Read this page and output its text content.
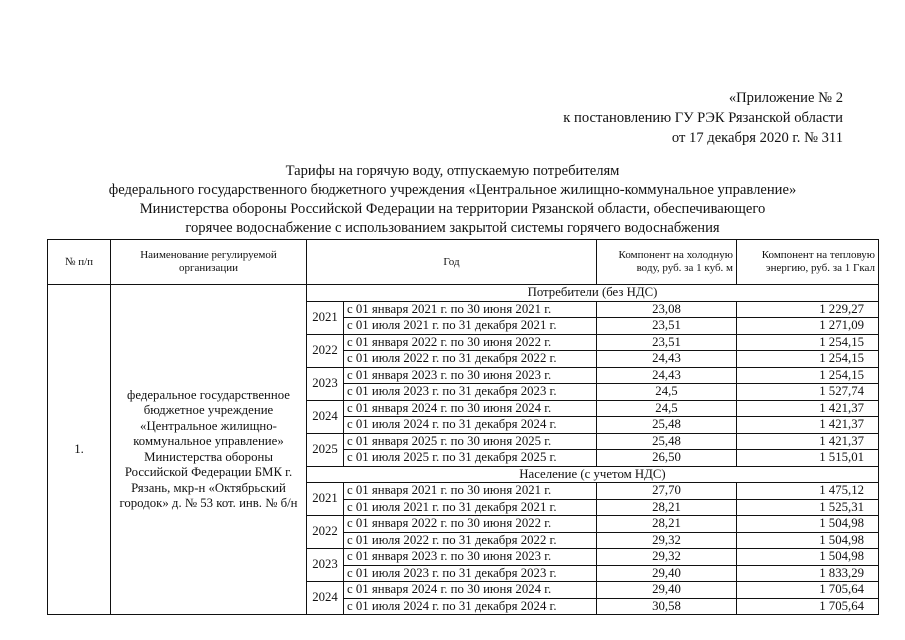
«Приложение № 2
к постановлению ГУ РЭК Рязанской области
от 17 декабря 2020 г. № 311
Тарифы на горячую воду, отпускаемую потребителям
федерального государственного бюджетного учреждения «Центральное жилищно-коммунальное управление»
Министерства обороны Российской Федерации на территории Рязанской области, обеспечивающего
горячее водоснабжение с использованием закрытой системы горячего водоснабжения
№ п/п	Наименование регулируемой организации	Год		Компонент на холодную воду, руб. за 1 куб. м	Компонент на тепловую энергию, руб. за 1 Гкал
1.	федеральное государственное бюджетное учреждение «Центральное жилищно-коммунальное управление» Министерства обороны Российской Федерации БМК г. Рязань, мкр-н «Октябрьский городок» д. № 53 кот. инв. № б/н	Потребители (без НДС)			
		2021	с 01 января 2021 г. по 30 июня 2021 г.	23,08	1 229,27
			с 01 июля 2021 г. по 31 декабря 2021 г.	23,51	1 271,09
		2022	с 01 января 2022 г. по 30 июня 2022 г.	23,51	1 254,15
			с 01 июля 2022 г. по 31 декабря 2022 г.	24,43	1 254,15
		2023	с 01 января 2023 г. по 30 июня 2023 г.	24,43	1 254,15
			с 01 июля 2023 г. по 31 декабря 2023 г.	24,5	1 527,74
		2024	с 01 января 2024 г. по 30 июня 2024 г.	24,5	1 421,37
			с 01 июля 2024 г. по 31 декабря 2024 г.	25,48	1 421,37
		2025	с 01 января 2025 г. по 30 июня 2025 г.	25,48	1 421,37
			с 01 июля 2025 г. по 31 декабря 2025 г.	26,50	1 515,01
		Население (с учетом НДС)			
		2021	с 01 января 2021 г. по 30 июня 2021 г.	27,70	1 475,12
			с 01 июля 2021 г. по 31 декабря 2021 г.	28,21	1 525,31
		2022	с 01 января 2022 г. по 30 июня 2022 г.	28,21	1 504,98
			с 01 июля 2022 г. по 31 декабря 2022 г.	29,32	1 504,98
		2023	с 01 января 2023 г. по 30 июня 2023 г.	29,32	1 504,98
			с 01 июля 2023 г. по 31 декабря 2023 г.	29,40	1 833,29
		2024	с 01 января 2024 г. по 30 июня 2024 г.	29,40	1 705,64
			с 01 июля 2024 г. по 31 декабря 2024 г.	30,58	1 705,64
